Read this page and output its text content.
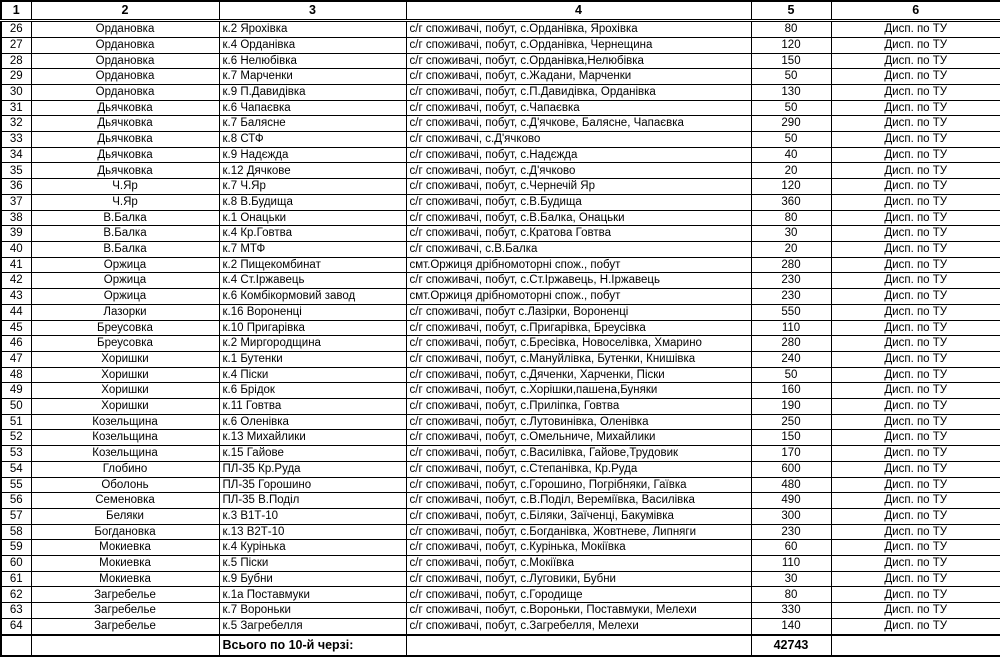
1	2	3	4	5	6
26	Ордановка	к.2 Ярохівка	с/г споживачі, побут, с.Орданівка, Ярохівка	80	Дисп. по ТУ
27	Ордановка	к.4 Орданівка	с/г споживачі, побут, с.Орданівка, Чернещина	120	Дисп. по ТУ
28	Ордановка	к.6 Нелюбівка	с/г споживачі, побут, с.Орданівка,Нелюбівка	150	Дисп. по ТУ
29	Ордановка	к.7 Марченки	с/г споживачі, побут, с.Жадани, Марченки	50	Дисп. по ТУ
30	Ордановка	к.9 П.Давидівка	с/г споживачі, побут, с.П.Давидівка, Орданівка	130	Дисп. по ТУ
31	Дьячковка	к.6 Чапаєвка	с/г споживачі, побут, с.Чапаєвка	50	Дисп. по ТУ
32	Дьячковка	к.7 Балясне	с/г споживачі, побут, с.Д'ячкове, Балясне, Чапаєвка	290	Дисп. по ТУ
33	Дьячковка	к.8 СТФ	с/г споживачі, с.Д'ячково	50	Дисп. по ТУ
34	Дьячковка	к.9 Надєжда	с/г споживачі, побут, с.Надєжда	40	Дисп. по ТУ
35	Дьячковка	к.12 Дячкове	с/г споживачі, побут, с.Д'ячково	20	Дисп. по ТУ
36	Ч.Яр	к.7 Ч.Яр	с/г споживачі, побут, с.Чернечій Яр	120	Дисп. по ТУ
37	Ч.Яр	к.8 В.Будища	с/г споживачі, побут, с.В.Будища	360	Дисп. по ТУ
38	В.Балка	к.1 Онацьки	с/г споживачі, побут, с.В.Балка, Онацьки	80	Дисп. по ТУ
39	В.Балка	к.4 Кр.Говтва	с/г споживачі, побут, с.Кратова Говтва	30	Дисп. по ТУ
40	В.Балка	к.7 МТФ	с/г споживачі, с.В.Балка	20	Дисп. по ТУ
41	Оржица	к.2 Пищекомбинат	смт.Оржиця дрібномоторні спож., побут	280	Дисп. по ТУ
42	Оржица	к.4 Ст.Іржавець	с/г споживачі, побут, с.Ст.Іржавець, Н.Іржавець	230	Дисп. по ТУ
43	Оржица	к.6 Комбікормовий завод	смт.Оржиця дрібномоторні спож., побут	230	Дисп. по ТУ
44	Лазорки	к.16 Вороненці	с/г споживачі, побут с.Лазірки, Вороненці	550	Дисп. по ТУ
45	Бреусовка	к.10 Пригарівка	с/г споживачі, побут, с.Пригарівка, Бреусівка	110	Дисп. по ТУ
46	Бреусовка	к.2 Миргородщина	с/г споживачі, побут, с.Бресівка, Новоселівка, Хмарино	280	Дисп. по ТУ
47	Хоришки	к.1 Бутенки	с/г споживачі, побут, с.Мануйлівка, Бутенки, Книшівка	240	Дисп. по ТУ
48	Хоришки	к.4 Піски	с/г споживачі, побут, с.Дяченки, Харченки, Піски	50	Дисп. по ТУ
49	Хоришки	к.6 Брідок	с/г споживачі, побут, с.Хорішки,пашена,Буняки	160	Дисп. по ТУ
50	Хоришки	к.11 Говтва	с/г споживачі, побут, с.Приліпка, Говтва	190	Дисп. по ТУ
51	Козельщина	к.6 Оленівка	с/г споживачі, побут, с.Лутовинівка, Оленівка	250	Дисп. по ТУ
52	Козельщина	к.13 Михайлики	с/г споживачі, побут, с.Омельниче, Михайлики	150	Дисп. по ТУ
53	Козельщина	к.15 Гайове	с/г споживачі, побут, с.Василівка, Гайове,Трудовик	170	Дисп. по ТУ
54	Глобино	ПЛ-35 Кр.Руда	с/г споживачі, побут, с.Степанівка, Кр.Руда	600	Дисп. по ТУ
55	Оболонь	ПЛ-35 Горошино	с/г споживачі, побут, с.Горошино, Погрібняки, Гаївка	480	Дисп. по ТУ
56	Семеновка	ПЛ-35 В.Поділ	с/г споживачі, побут, с.В.Поділ, Вереміївка, Василівка	490	Дисп. по ТУ
57	Беляки	к.3 В1Т-10	с/г споживачі, побут, с.Біляки, Заїченці, Бакумівка	300	Дисп. по ТУ
58	Богдановка	к.13 В2Т-10	с/г споживачі, побут, с.Богданівка, Жовтневе, Липняги	230	Дисп. по ТУ
59	Мокиевка	к.4 Курінька	с/г споживачі, побут, с.Курінька, Мокіївка	60	Дисп. по ТУ
60	Мокиевка	к.5 Піски	с/г споживачі, побут, с.Мокіївка	110	Дисп. по ТУ
61	Мокиевка	к.9 Бубни	с/г споживачі, побут, с.Луговики, Бубни	30	Дисп. по ТУ
62	Загребелье	к.1а Поставмуки	с/г споживачі, побут, с.Городище	80	Дисп. по ТУ
63	Загребелье	к.7 Вороньки	с/г споживачі, побут, с.Вороньки, Поставмуки, Мелехи	330	Дисп. по ТУ
64	Загребелье	к.5 Загребелля	с/г споживачі, побут, с.Загребелля, Мелехи	140	Дисп. по ТУ
		Всього по 10-й черзі:		42743	
